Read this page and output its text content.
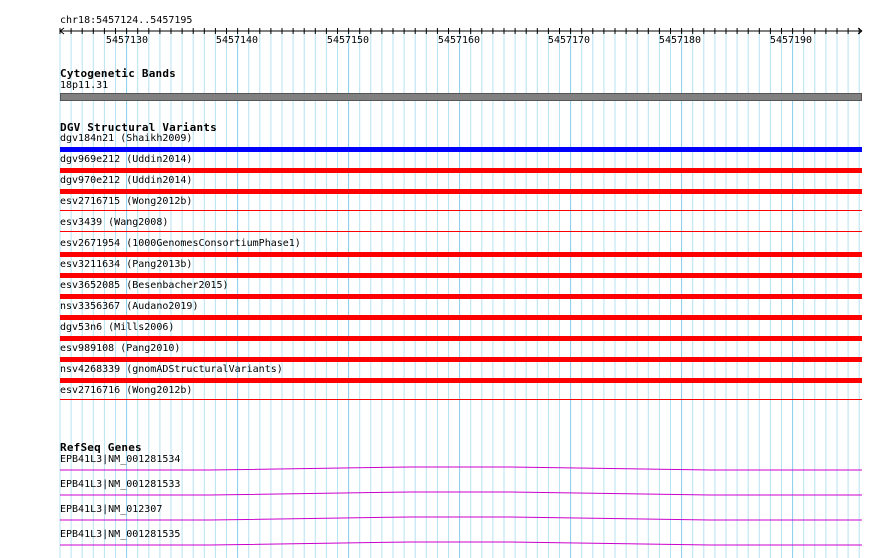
chr18:5457124..5457195
5457130	5457140	5457150	5457160	5457170	5457180	5457190
Cytogenetic Bands
18p11.31
DGV Structural Variants
dgv184n21 (Shaikh2009)
dgv969e212 (Uddin2014)
dgv970e212 (Uddin2014)
esv2716715 (Wong2012b)
esv3439 (Wang2008)
esv2671954 (1000GenomesConsortiumPhase1)
esv3211634 (Pang2013b)
esv3652085 (Besenbacher2015)
nsv3356367 (Audano2019)
dgv53n6 (Mills2006)
esv989108 (Pang2010)
nsv4268339 (gnomADStructuralVariants)
esv2716716 (Wong2012b)
RefSeq Genes
EPB41L3|NM_001281534
EPB41L3|NM_001281533
EPB41L3|NM_012307
EPB41L3|NM_001281535
